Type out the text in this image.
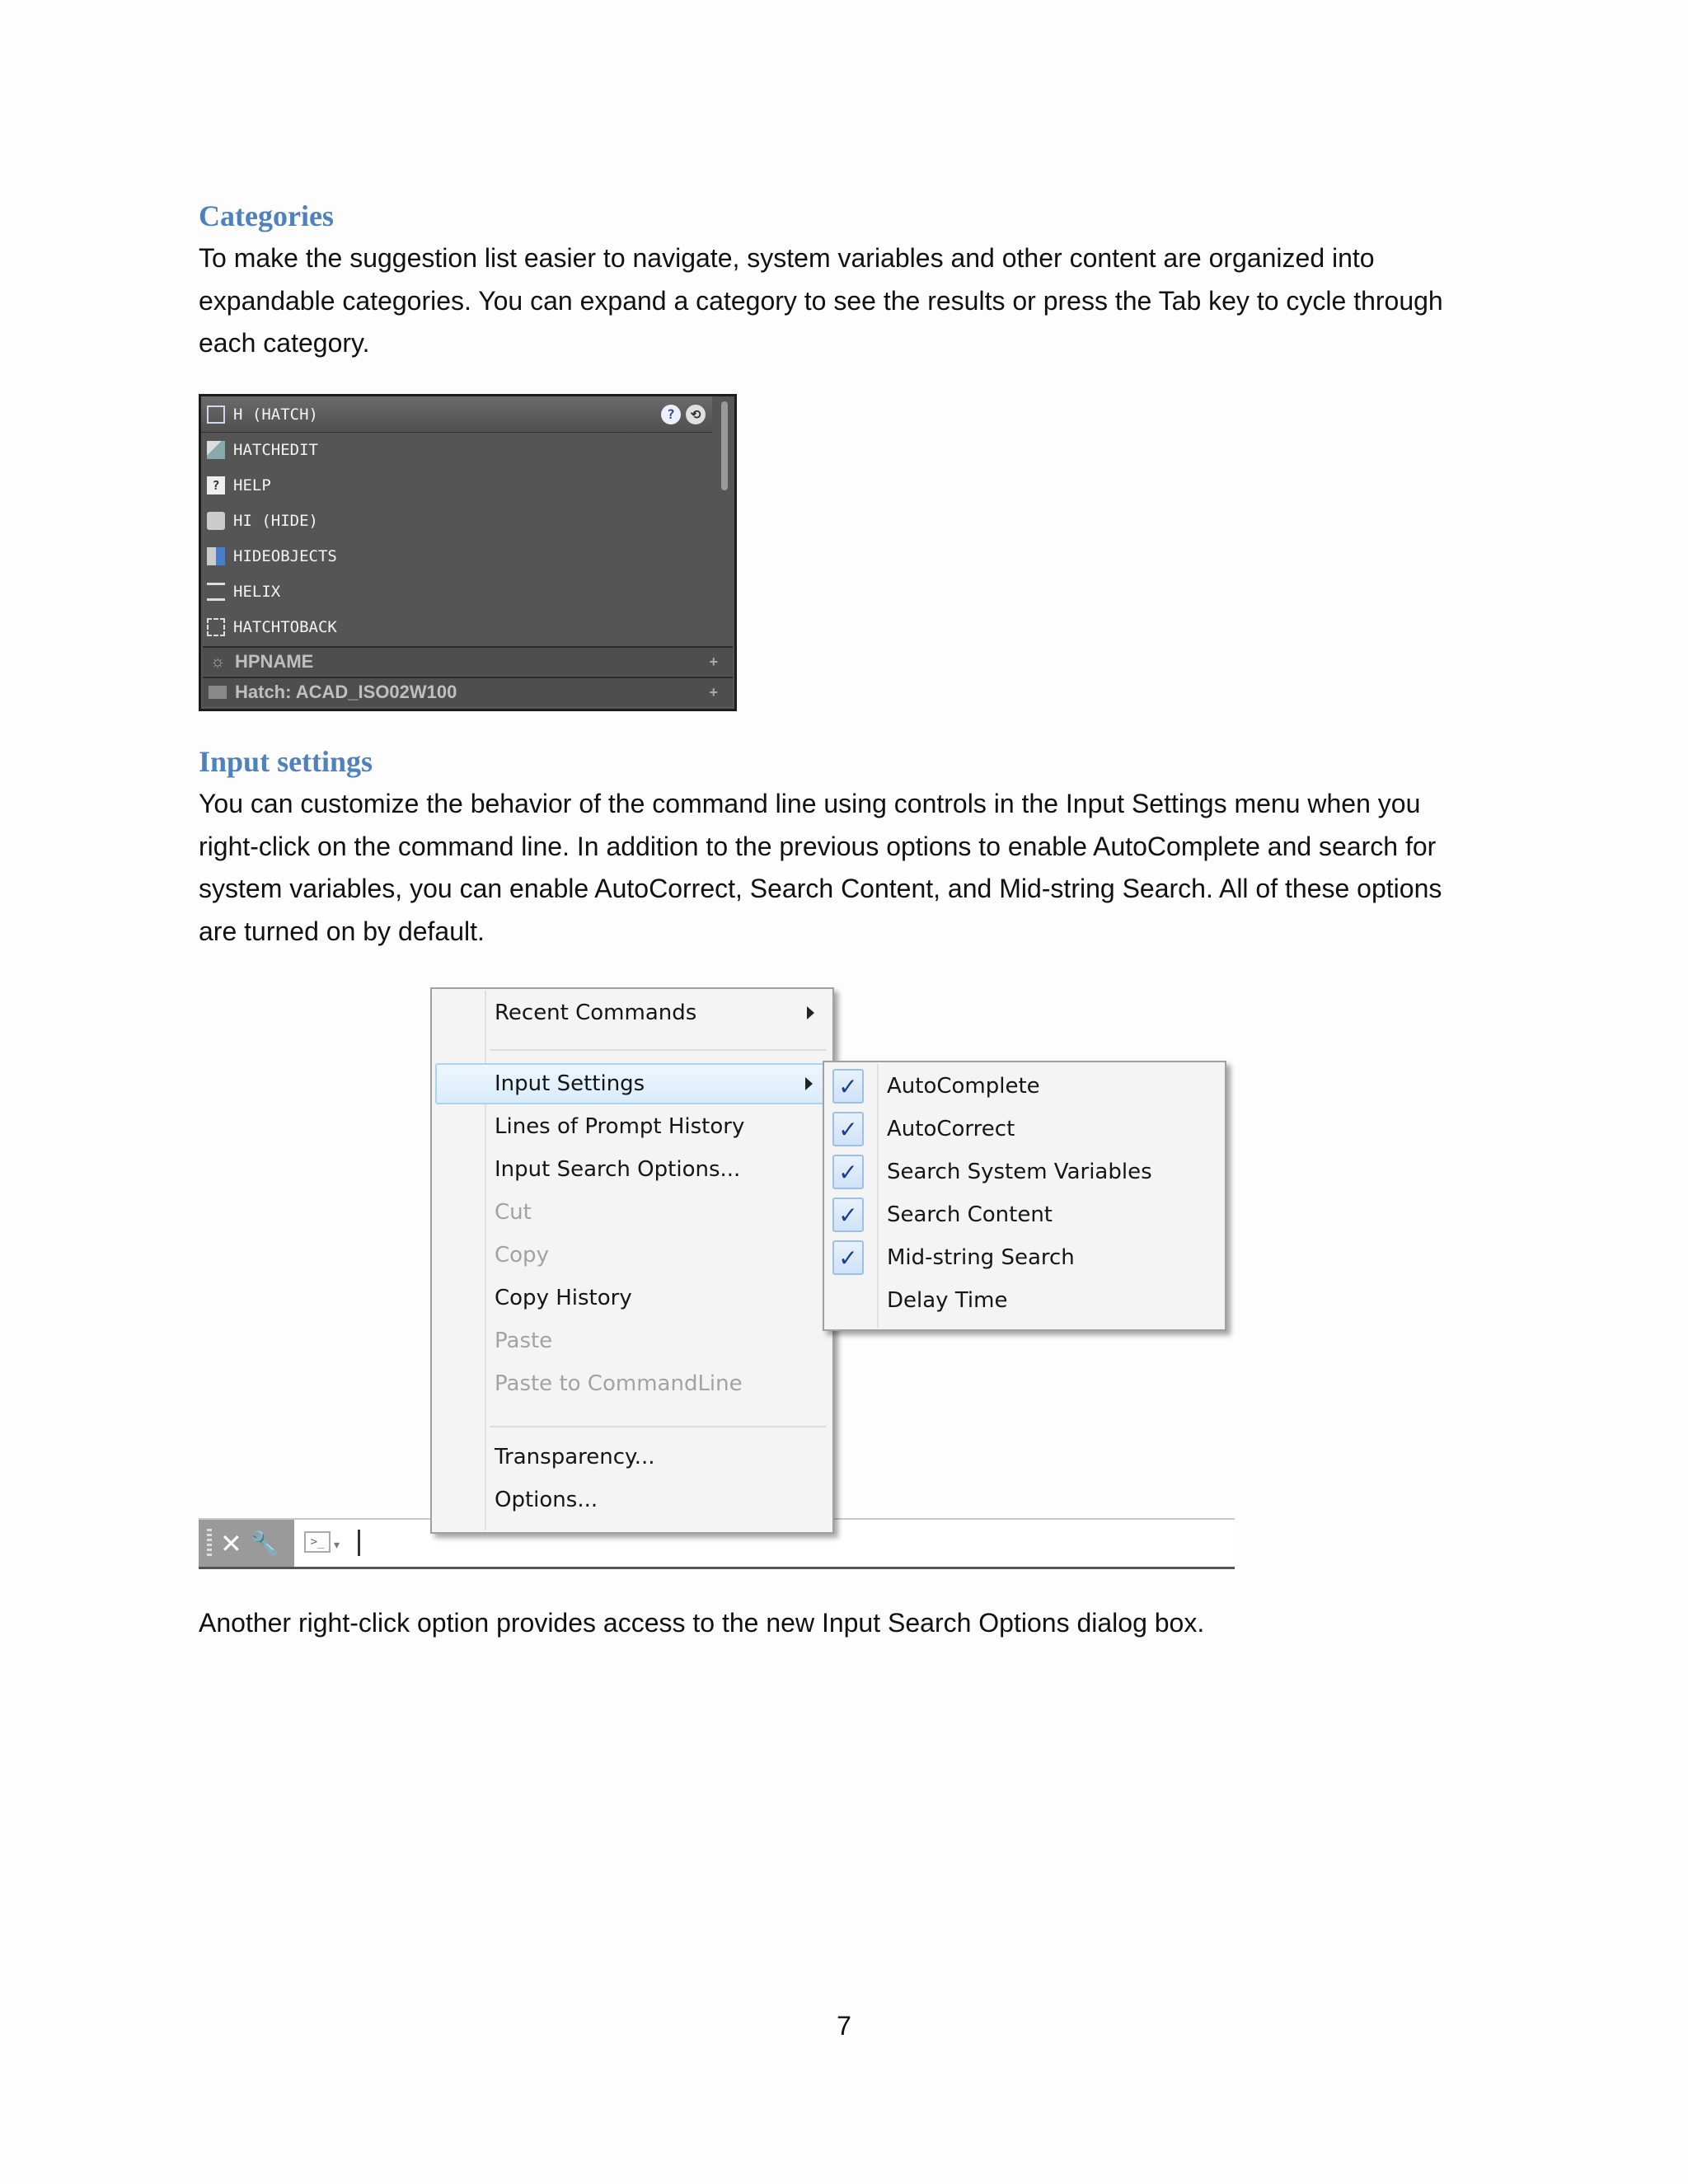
Categories

To make the suggestion list easier to navigate, system variables and other content are organized into expandable categories. You can expand a category to see the results or press the Tab key to cycle through each category.

H (HATCH)	?	⟲
HATCHEDIT
? HELP
HI (HIDE)
HIDEOBJECTS
HELIX
HATCHTOBACK
☼ HPNAME	+
Hatch: ACAD_ISO02W100	+
Input settings

You can customize the behavior of the command line using controls in the Input Settings menu when you right-click on the command line. In addition to the previous options to enable AutoComplete and search for system variables, you can enable AutoCorrect, Search Content, and Mid-string Search. All of these options are turned on by default.

✕ 🔧	>_ ▾
Recent Commands
Input Settings
Lines of Prompt History
Input Search Options...
Cut
Copy
Copy History
Paste
Paste to CommandLine
Transparency...
Options...
✓ AutoComplete
✓ AutoCorrect
✓ Search System Variables
✓ Search Content
✓ Mid-string Search
Delay Time

Another right-click option provides access to the new Input Search Options dialog box.

7
